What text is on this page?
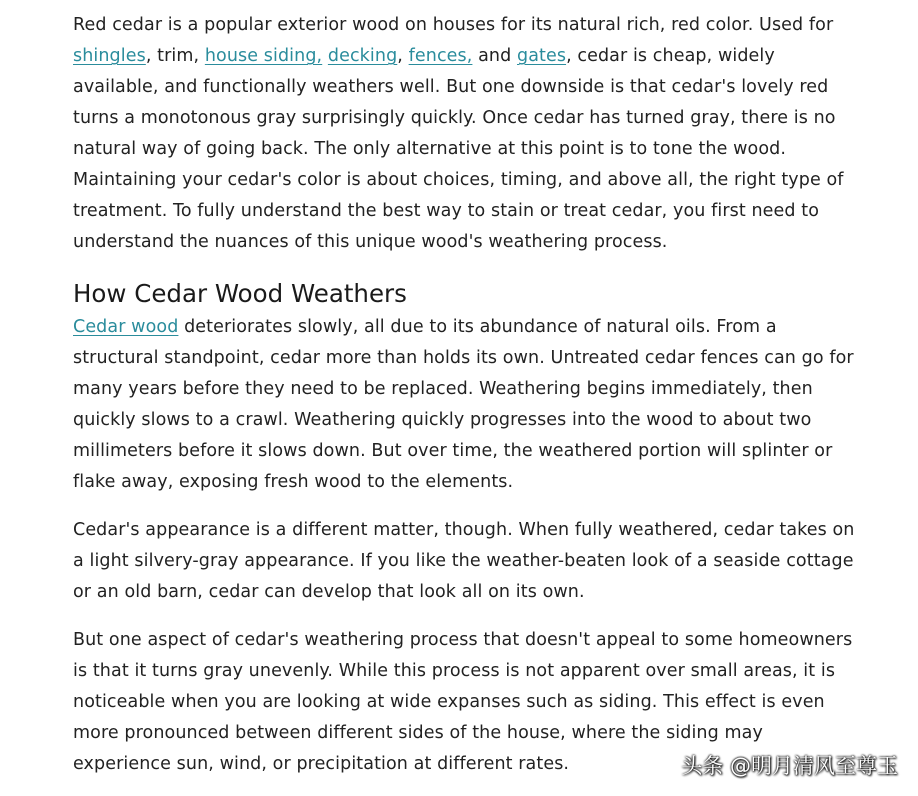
Red cedar is a popular exterior wood on houses for its natural rich, red color. Used for shingles, trim, house siding, decking, fences, and gates, cedar is cheap, widely available, and functionally weathers well. But one downside is that cedar's lovely red turns a monotonous gray surprisingly quickly. Once cedar has turned gray, there is no natural way of going back. The only alternative at this point is to tone the wood. Maintaining your cedar's color is about choices, timing, and above all, the right type of treatment. To fully understand the best way to stain or treat cedar, you first need to understand the nuances of this unique wood's weathering process.

How Cedar Wood Weathers

Cedar wood deteriorates slowly, all due to its abundance of natural oils. From a structural standpoint, cedar more than holds its own. Untreated cedar fences can go for many years before they need to be replaced. Weathering begins immediately, then quickly slows to a crawl. Weathering quickly progresses into the wood to about two millimeters before it slows down. But over time, the weathered portion will splinter or flake away, exposing fresh wood to the elements.

Cedar's appearance is a different matter, though. When fully weathered, cedar takes on a light silvery-gray appearance. If you like the weather-beaten look of a seaside cottage or an old barn, cedar can develop that look all on its own.

But one aspect of cedar's weathering process that doesn't appeal to some homeowners is that it turns gray unevenly. While this process is not apparent over small areas, it is noticeable when you are looking at wide expanses such as siding. This effect is even more pronounced between different sides of the house, where the siding may experience sun, wind, or precipitation at different rates.	头条 @明月清风至尊玉
